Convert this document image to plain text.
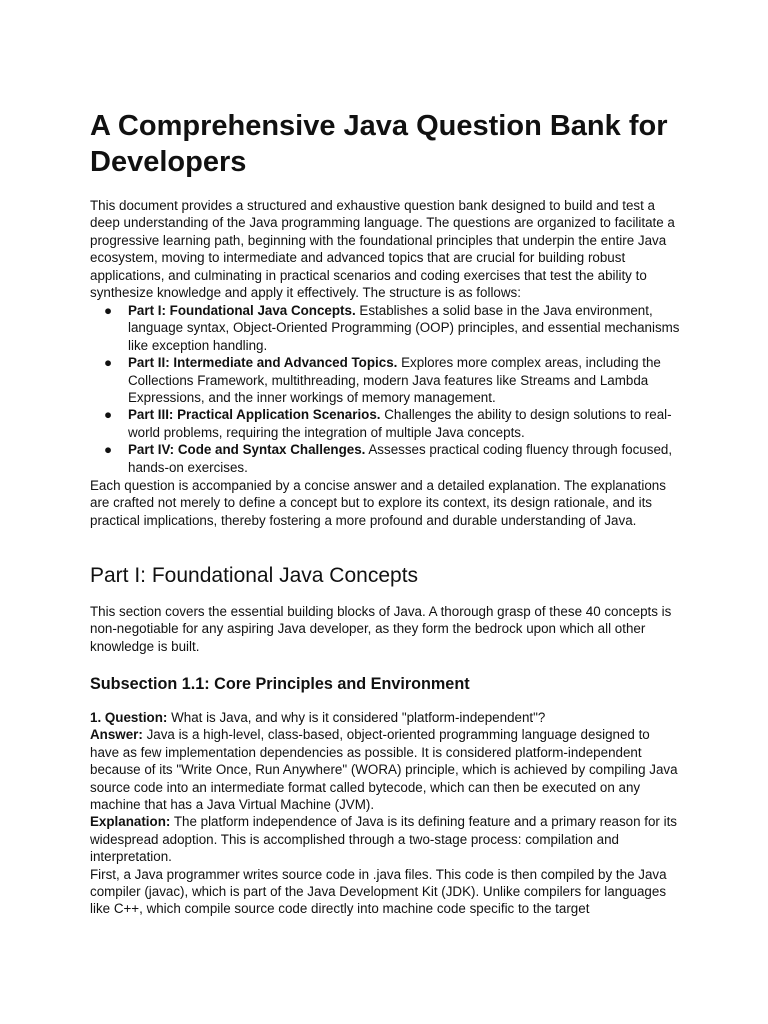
A Comprehensive Java Question Bank for Developers

This document provides a structured and exhaustive question bank designed to build and test a deep understanding of the Java programming language. The questions are organized to facilitate a progressive learning path, beginning with the foundational principles that underpin the entire Java ecosystem, moving to intermediate and advanced topics that are crucial for building robust applications, and culminating in practical scenarios and coding exercises that test the ability to synthesize knowledge and apply it effectively. The structure is as follows:

● Part I: Foundational Java Concepts. Establishes a solid base in the Java environment, language syntax, Object-Oriented Programming (OOP) principles, and essential mechanisms like exception handling.
● Part II: Intermediate and Advanced Topics. Explores more complex areas, including the Collections Framework, multithreading, modern Java features like Streams and Lambda Expressions, and the inner workings of memory management.
● Part III: Practical Application Scenarios. Challenges the ability to design solutions to real-world problems, requiring the integration of multiple Java concepts.
● Part IV: Code and Syntax Challenges. Assesses practical coding fluency through focused, hands-on exercises.

Each question is accompanied by a concise answer and a detailed explanation. The explanations are crafted not merely to define a concept but to explore its context, its design rationale, and its practical implications, thereby fostering a more profound and durable understanding of Java.

Part I: Foundational Java Concepts

This section covers the essential building blocks of Java. A thorough grasp of these 40 concepts is non-negotiable for any aspiring Java developer, as they form the bedrock upon which all other knowledge is built.

Subsection 1.1: Core Principles and Environment

1. Question: What is Java, and why is it considered "platform-independent"?

Answer: Java is a high-level, class-based, object-oriented programming language designed to have as few implementation dependencies as possible. It is considered platform-independent because of its "Write Once, Run Anywhere" (WORA) principle, which is achieved by compiling Java source code into an intermediate format called bytecode, which can then be executed on any machine that has a Java Virtual Machine (JVM).

Explanation: The platform independence of Java is its defining feature and a primary reason for its widespread adoption. This is accomplished through a two-stage process: compilation and interpretation.

First, a Java programmer writes source code in .java files. This code is then compiled by the Java compiler (javac), which is part of the Java Development Kit (JDK). Unlike compilers for languages like C++, which compile source code directly into machine code specific to the target
